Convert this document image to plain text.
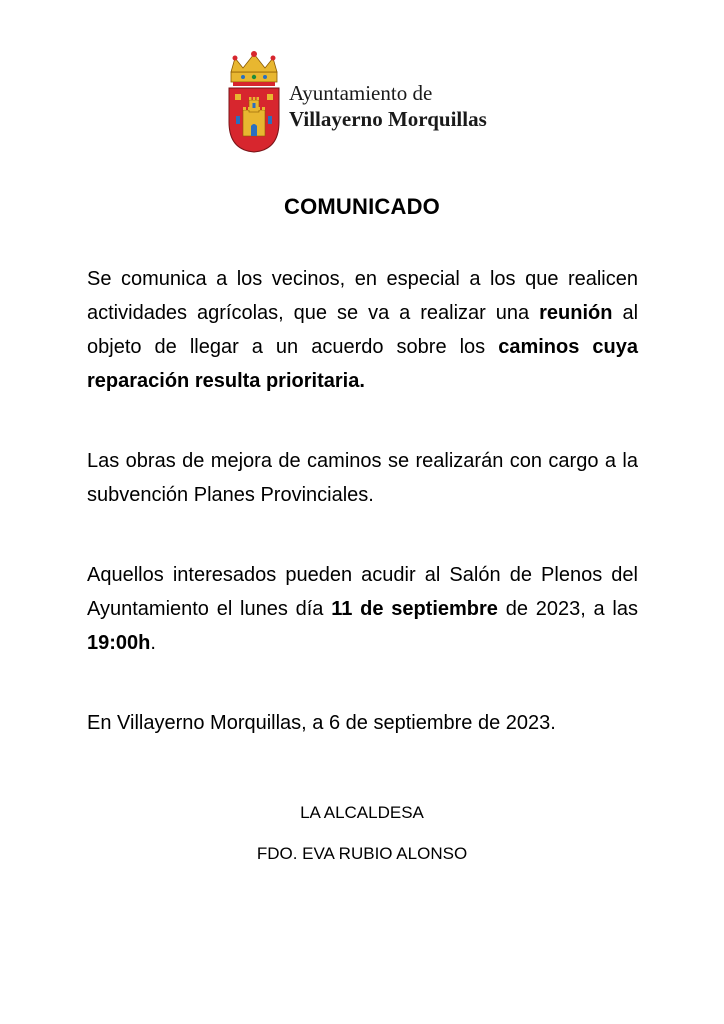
Ayuntamiento de
Villayerno Morquillas
COMUNICADO
Se comunica a los vecinos, en especial a los que realicen actividades agrícolas, que se va a realizar una reunión al objeto de llegar a un acuerdo sobre los caminos cuya reparación resulta prioritaria.
Las obras de mejora de caminos se realizarán con cargo a la subvención Planes Provinciales.
Aquellos interesados pueden acudir al Salón de Plenos del Ayuntamiento el lunes día 11 de septiembre de 2023, a las 19:00h.
En Villayerno Morquillas, a 6 de septiembre de 2023.
LA ALCALDESA
FDO. EVA RUBIO ALONSO
